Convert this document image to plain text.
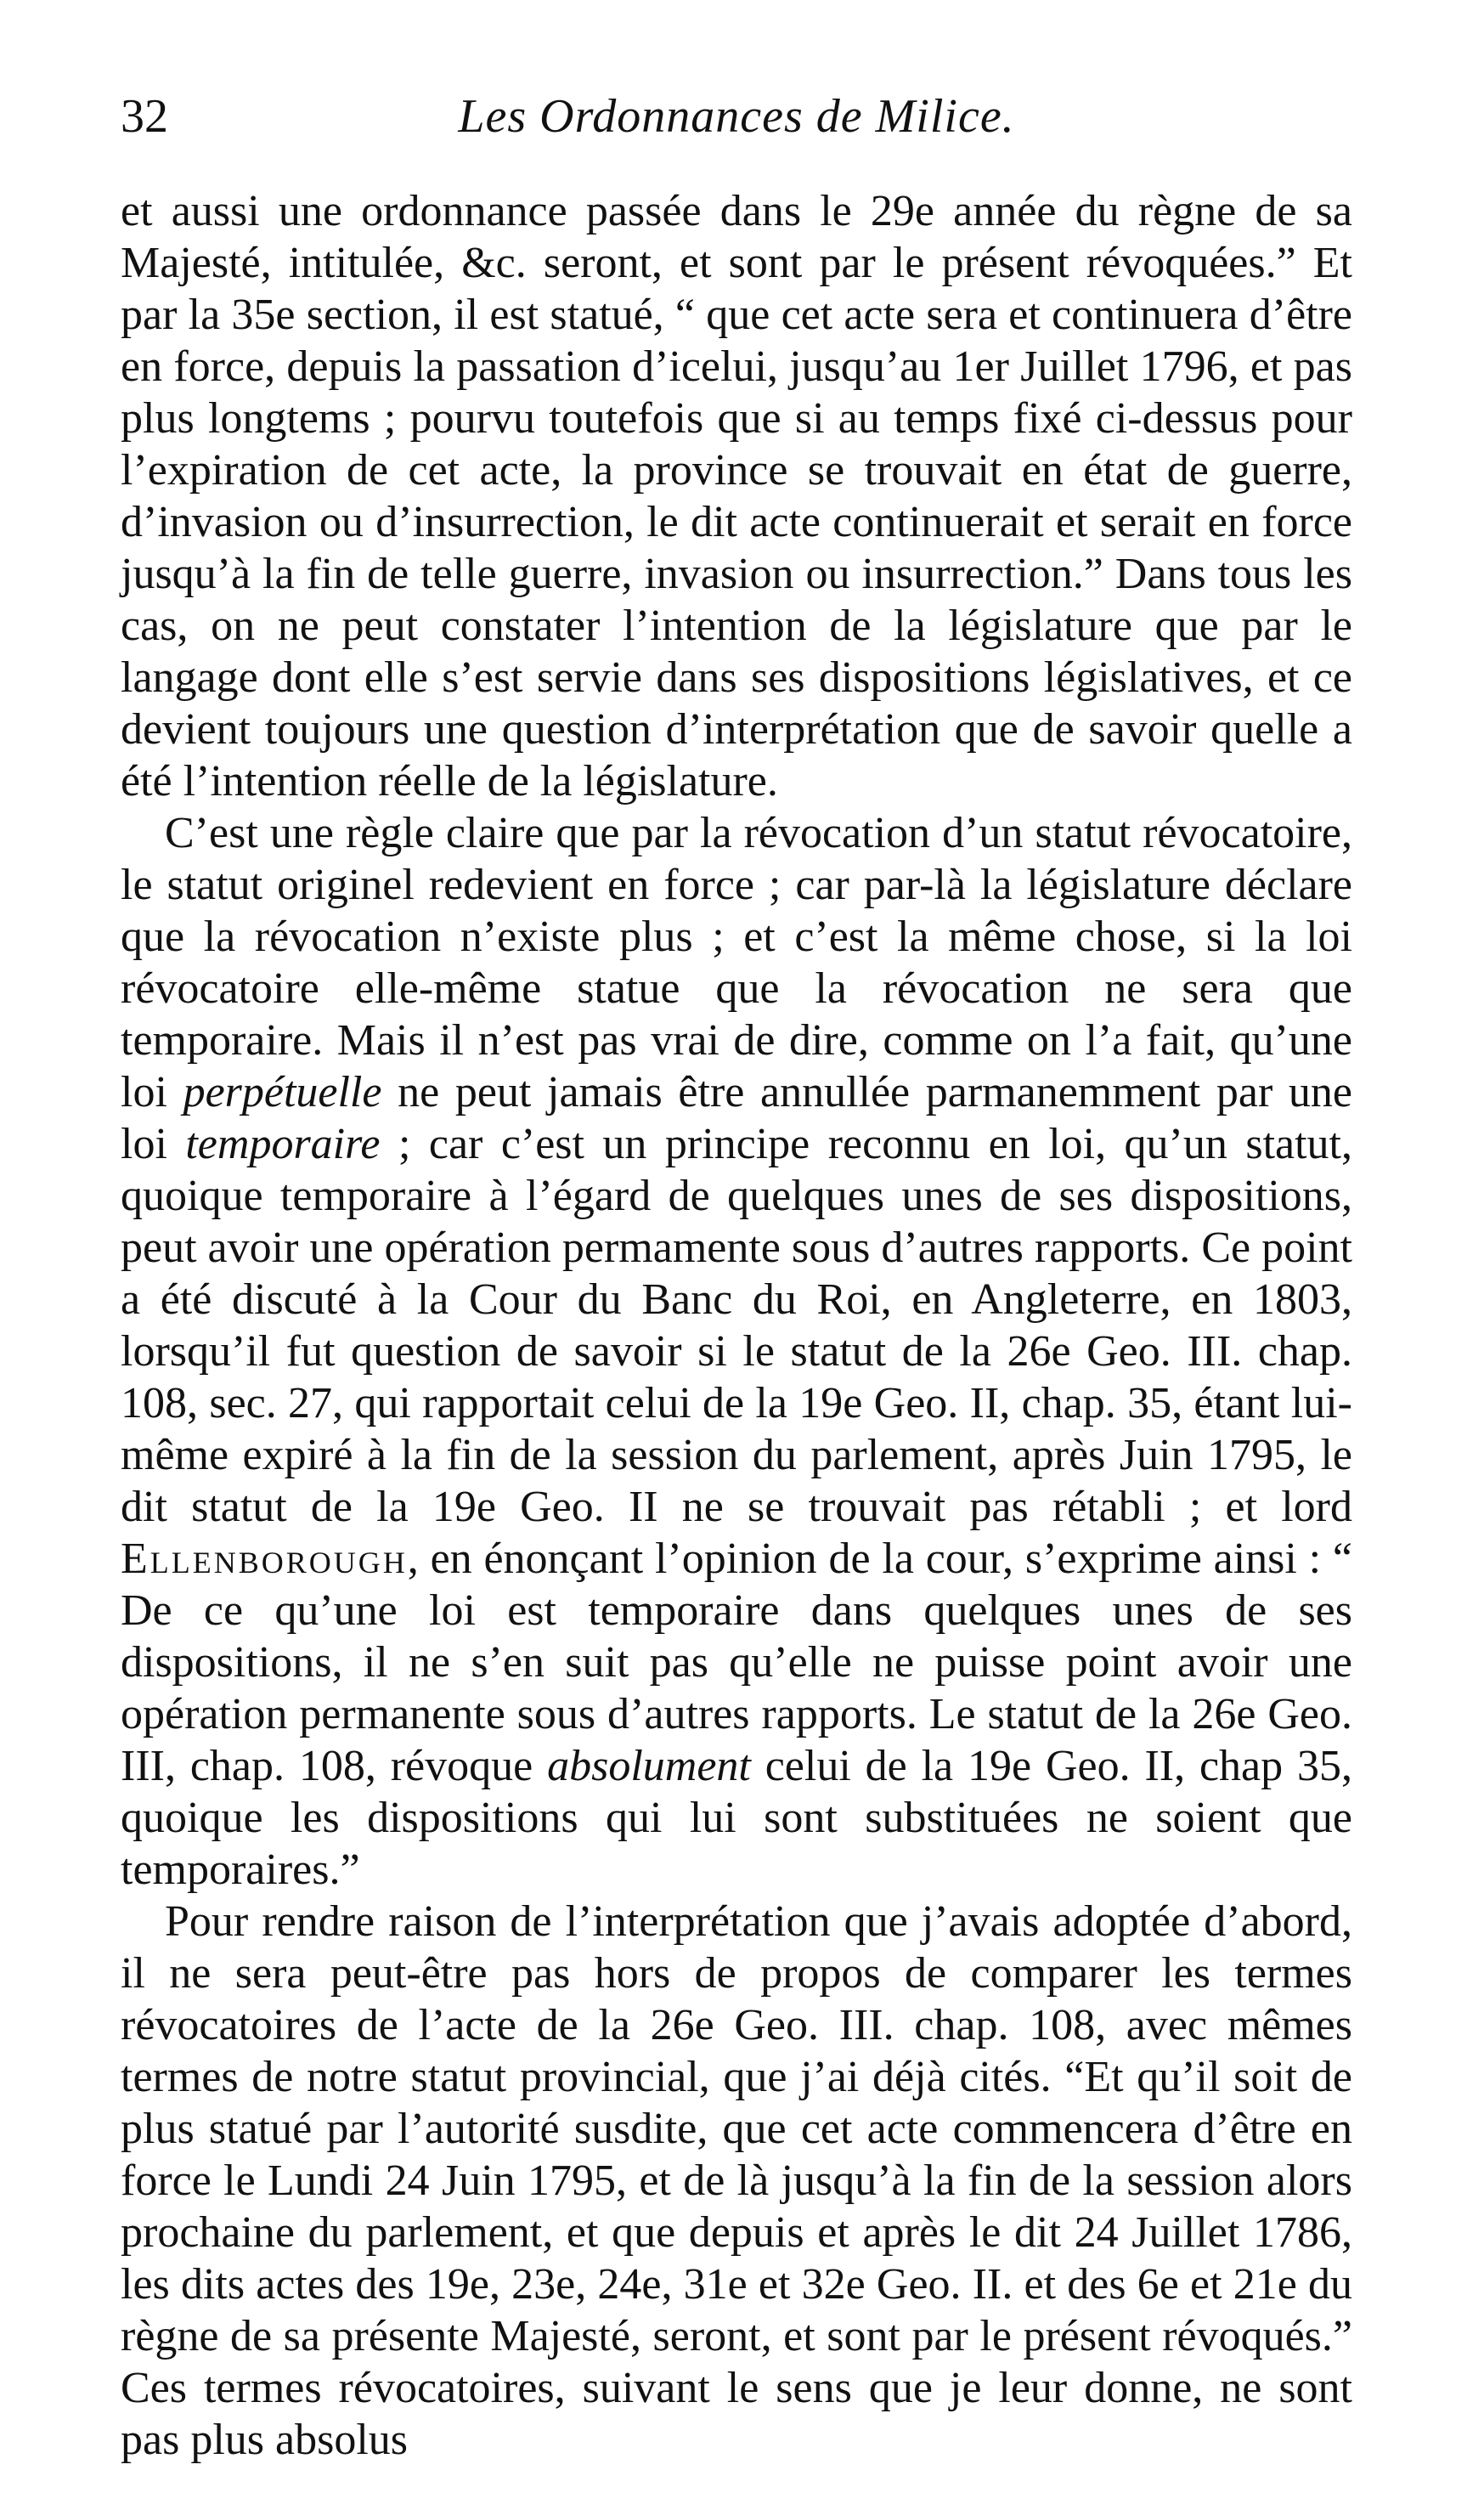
32	Les Ordonnances de Milice.

et aussi une ordonnance passée dans le 29e année du règne de sa Majesté, intitulée, &c. seront, et sont par le présent révoquées.” Et par la 35e section, il est statué, “ que cet acte sera et continuera d’être en force, depuis la passation d’icelui, jusqu’au 1er Juillet 1796, et pas plus longtems ; pourvu toutefois que si au temps fixé ci-dessus pour l’expiration de cet acte, la province se trouvait en état de guerre, d’invasion ou d’insurrection, le dit acte continuerait et serait en force jusqu’à la fin de telle guerre, invasion ou insurrection.” Dans tous les cas, on ne peut constater l’intention de la législature que par le langage dont elle s’est servie dans ses dispositions législatives, et ce devient toujours une question d’interprétation que de savoir quelle a été l’intention réelle de la législature.

C’est une règle claire que par la révocation d’un statut révocatoire, le statut originel redevient en force ; car par-là la législature déclare que la révocation n’existe plus ; et c’est la même chose, si la loi révocatoire elle-même statue que la révocation ne sera que temporaire. Mais il n’est pas vrai de dire, comme on l’a fait, qu’une loi perpétuelle ne peut jamais être annullée parmanemment par une loi temporaire ; car c’est un principe reconnu en loi, qu’un statut, quoique temporaire à l’égard de quelques unes de ses dispositions, peut avoir une opération permamente sous d’autres rapports. Ce point a été discuté à la Cour du Banc du Roi, en Angleterre, en 1803, lorsqu’il fut question de savoir si le statut de la 26e Geo. III. chap. 108, sec. 27, qui rapportait celui de la 19e Geo. II, chap. 35, étant lui-même expiré à la fin de la session du parlement, après Juin 1795, le dit statut de la 19e Geo. II ne se trouvait pas rétabli ; et lord Ellenborough, en énonçant l’opinion de la cour, s’exprime ainsi : “ De ce qu’une loi est temporaire dans quelques unes de ses dispositions, il ne s’en suit pas qu’elle ne puisse point avoir une opération permanente sous d’autres rapports. Le statut de la 26e Geo. III, chap. 108, révoque absolument celui de la 19e Geo. II, chap 35, quoique les dispositions qui lui sont substituées ne soient que temporaires.”

Pour rendre raison de l’interprétation que j’avais adoptée d’abord, il ne sera peut-être pas hors de propos de comparer les termes révocatoires de l’acte de la 26e Geo. III. chap. 108, avec mêmes termes de notre statut provincial, que j’ai déjà cités. “Et qu’il soit de plus statué par l’autorité susdite, que cet acte commencera d’être en force le Lundi 24 Juin 1795, et de là jusqu’à la fin de la session alors prochaine du parlement, et que depuis et après le dit 24 Juillet 1786, les dits actes des 19e, 23e, 24e, 31e et 32e Geo. II. et des 6e et 21e du règne de sa présente Majesté, seront, et sont par le présent révoqués.” Ces termes révocatoires, suivant le sens que je leur donne, ne sont pas plus absolus
